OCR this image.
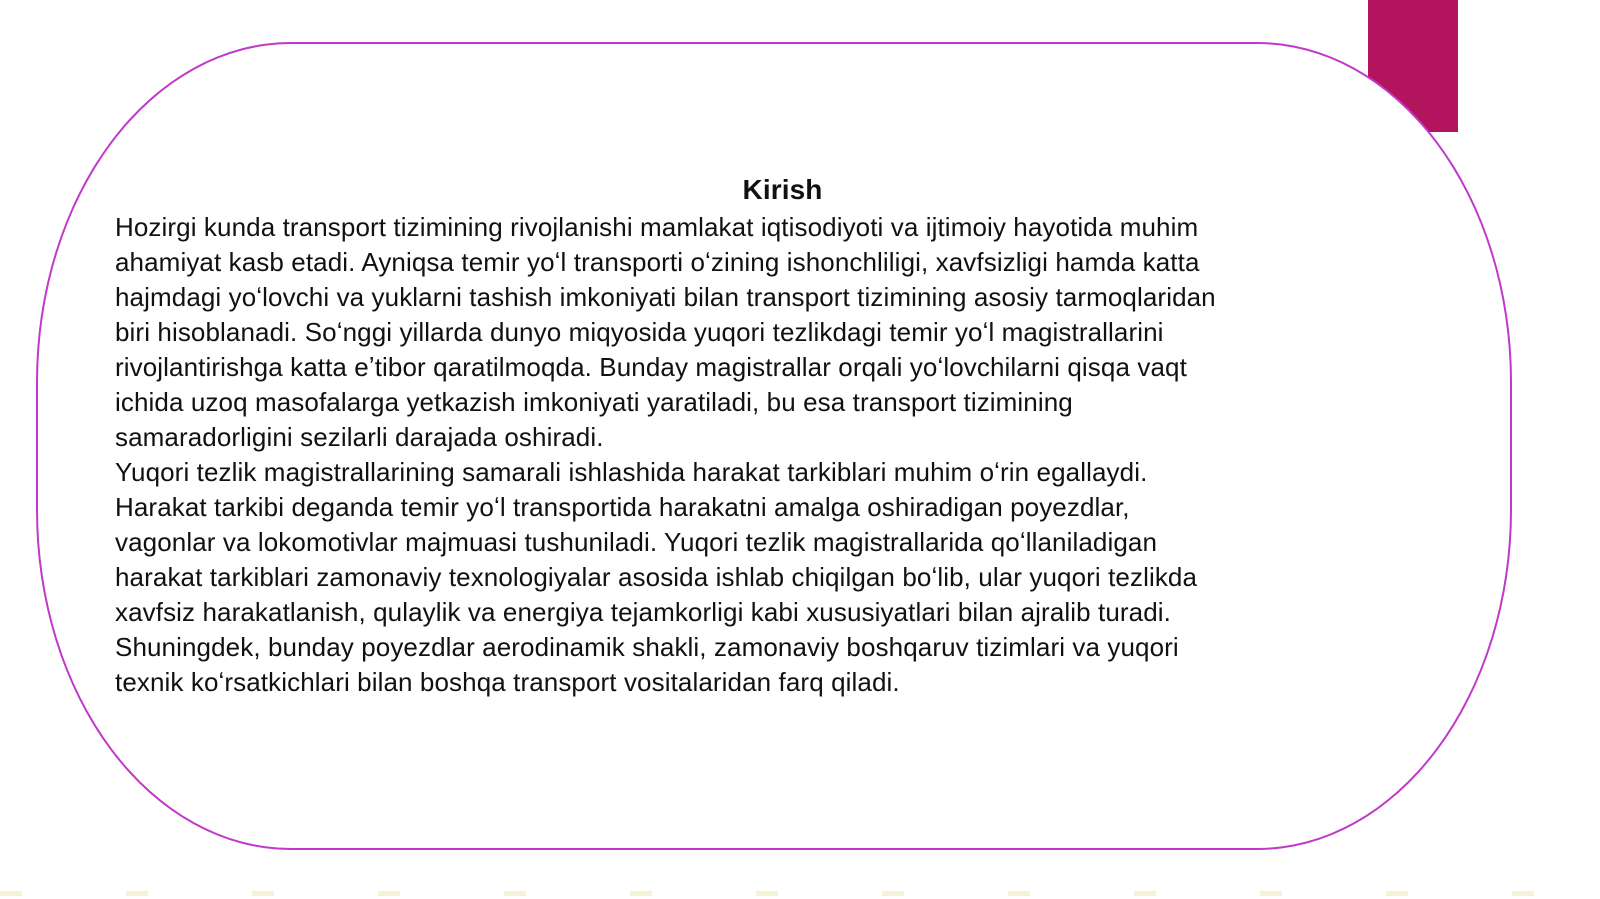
Kirish
Hozirgi kunda transport tizimining rivojlanishi mamlakat iqtisodiyoti va ijtimoiy hayotida muhim
ahamiyat kasb etadi. Ayniqsa temir yoʻl transporti oʻzining ishonchliligi, xavfsizligi hamda katta
hajmdagi yoʻlovchi va yuklarni tashish imkoniyati bilan transport tizimining asosiy tarmoqlaridan
biri hisoblanadi. Soʻnggi yillarda dunyo miqyosida yuqori tezlikdagi temir yoʻl magistrallarini
rivojlantirishga katta eʼtibor qaratilmoqda. Bunday magistrallar orqali yoʻlovchilarni qisqa vaqt
ichida uzoq masofalarga yetkazish imkoniyati yaratiladi, bu esa transport tizimining
samaradorligini sezilarli darajada oshiradi.
Yuqori tezlik magistrallarining samarali ishlashida harakat tarkiblari muhim oʻrin egallaydi.
Harakat tarkibi deganda temir yoʻl transportida harakatni amalga oshiradigan poyezdlar,
vagonlar va lokomotivlar majmuasi tushuniladi. Yuqori tezlik magistrallarida qoʻllaniladigan
harakat tarkiblari zamonaviy texnologiyalar asosida ishlab chiqilgan boʻlib, ular yuqori tezlikda
xavfsiz harakatlanish, qulaylik va energiya tejamkorligi kabi xususiyatlari bilan ajralib turadi.
Shuningdek, bunday poyezdlar aerodinamik shakli, zamonaviy boshqaruv tizimlari va yuqori
texnik koʻrsatkichlari bilan boshqa transport vositalaridan farq qiladi.
